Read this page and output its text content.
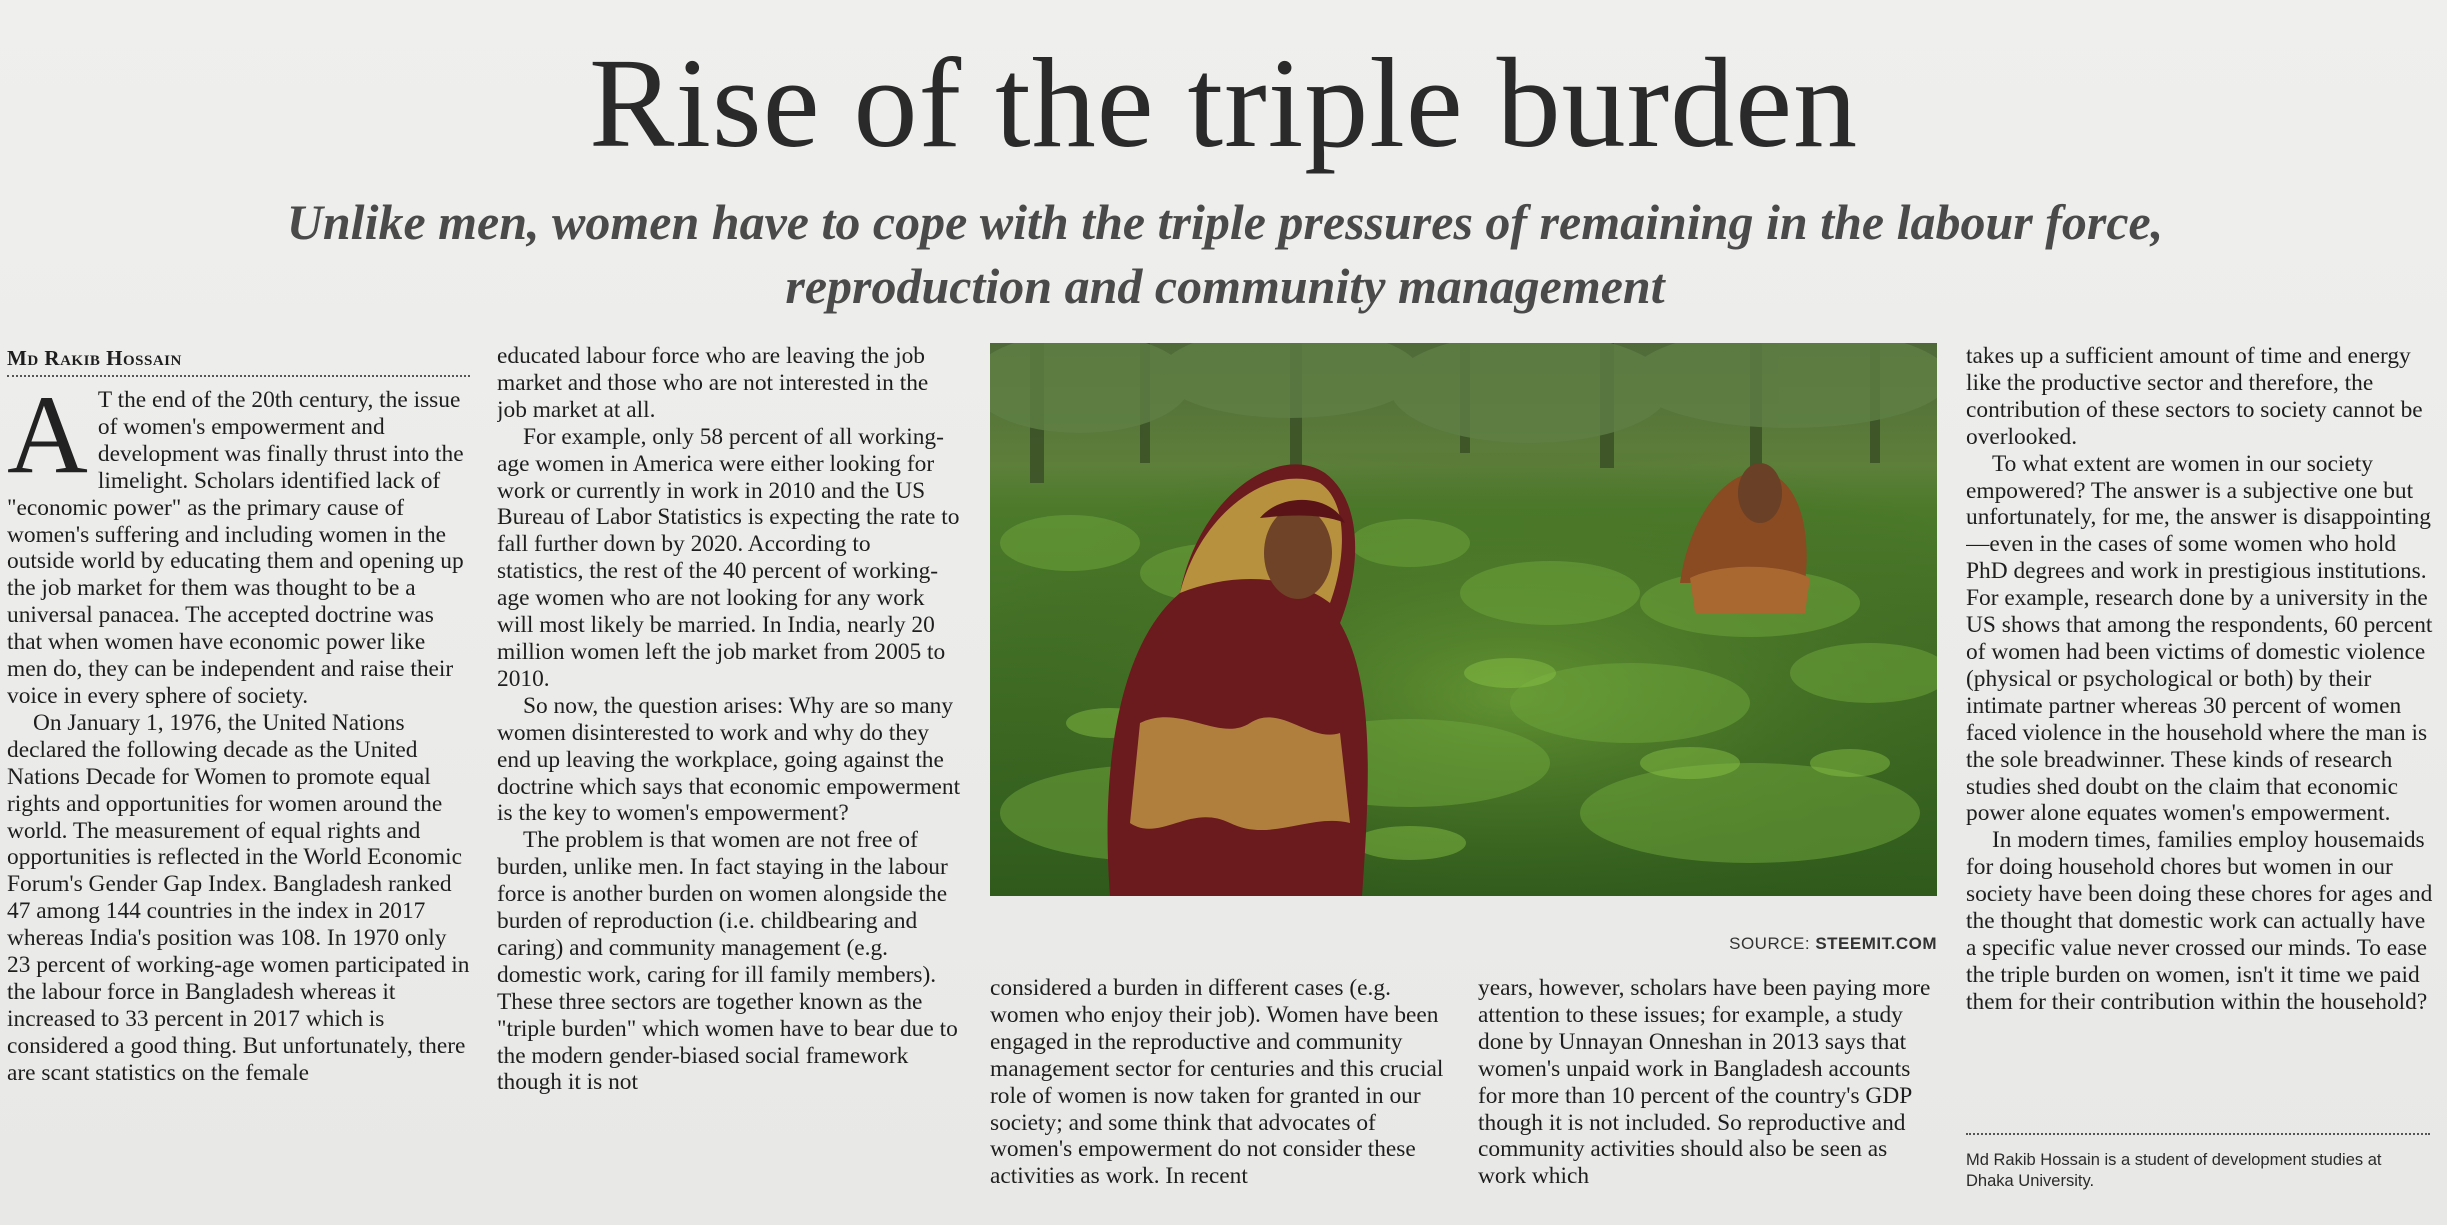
Rise of the triple burden
Unlike men, women have to cope with the triple pressures of remaining in the labour force, reproduction and community management
Md Rakib Hossain

A T the end of the 20th century, the issue of women's empowerment and development was finally thrust into the limelight. Scholars identified lack of "economic power" as the primary cause of women's suffering and including women in the outside world by educating them and opening up the job market for them was thought to be a universal panacea. The accepted doctrine was that when women have economic power like men do, they can be independent and raise their voice in every sphere of society.

On January 1, 1976, the United Nations declared the following decade as the United Nations Decade for Women to promote equal rights and opportunities for women around the world. The measurement of equal rights and opportunities is reflected in the World Economic Forum's Gender Gap Index. Bangladesh ranked 47 among 144 countries in the index in 2017 whereas India's position was 108. In 1970 only 23 percent of working-age women participated in the labour force in Bangladesh whereas it increased to 33 percent in 2017 which is considered a good thing. But unfortunately, there are scant statistics on the female

educated labour force who are leaving the job market and those who are not interested in the job market at all.

For example, only 58 percent of all working-age women in America were either looking for work or currently in work in 2010 and the US Bureau of Labor Statistics is expecting the rate to fall further down by 2020. According to statistics, the rest of the 40 percent of working-age women who are not looking for any work will most likely be married. In India, nearly 20 million women left the job market from 2005 to 2010.

So now, the question arises: Why are so many women disinterested to work and why do they end up leaving the workplace, going against the doctrine which says that economic empowerment is the key to women's empowerment?

The problem is that women are not free of burden, unlike men. In fact staying in the labour force is another burden on women alongside the burden of reproduction (i.e. childbearing and caring) and community management (e.g. domestic work, caring for ill family members). These three sectors are together known as the "triple burden" which women have to bear due to the modern gender-biased social framework though it is not

SOURCE: STEEMIT.COM

considered a burden in different cases (e.g. women who enjoy their job). Women have been engaged in the reproductive and community management sector for centuries and this crucial role of women is now taken for granted in our society; and some think that advocates of women's empowerment do not consider these activities as work. In recent

years, however, scholars have been paying more attention to these issues; for example, a study done by Unnayan Onneshan in 2013 says that women's unpaid work in Bangladesh accounts for more than 10 percent of the country's GDP though it is not included. So reproductive and community activities should also be seen as work which

takes up a sufficient amount of time and energy like the productive sector and therefore, the contribution of these sectors to society cannot be overlooked.

To what extent are women in our society empowered? The answer is a subjective one but unfortunately, for me, the answer is disappointing—even in the cases of some women who hold PhD degrees and work in prestigious institutions. For example, research done by a university in the US shows that among the respondents, 60 percent of women had been victims of domestic violence (physical or psychological or both) by their intimate partner whereas 30 percent of women faced violence in the household where the man is the sole breadwinner. These kinds of research studies shed doubt on the claim that economic power alone equates women's empowerment.

In modern times, families employ housemaids for doing household chores but women in our society have been doing these chores for ages and the thought that domestic work can actually have a specific value never crossed our minds. To ease the triple burden on women, isn't it time we paid them for their contribution within the household?

Md Rakib Hossain is a student of development studies at Dhaka University.
